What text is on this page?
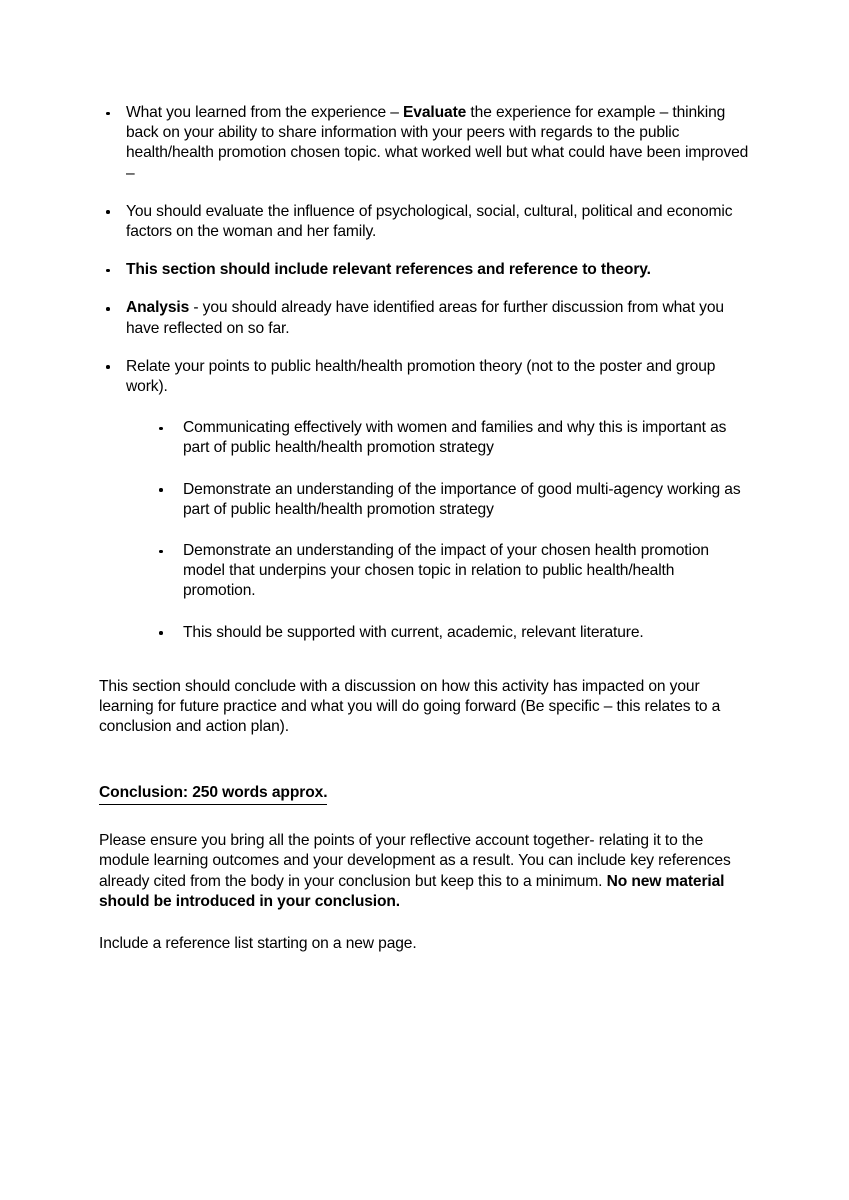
What you learned from the experience – Evaluate the experience for example – thinking back on your ability to share information with your peers with regards to the public health/health promotion chosen topic. what worked well but what could have been improved –
You should evaluate the influence of psychological, social, cultural, political and economic factors on the woman and her family.
This section should include relevant references and reference to theory.
Analysis - you should already have identified areas for further discussion from what you have reflected on so far.
Relate your points to public health/health promotion theory (not to the poster and group work).
Communicating effectively with women and families and why this is important as part of public health/health promotion strategy
Demonstrate an understanding of the importance of good multi-agency working as part of public health/health promotion strategy
Demonstrate an understanding of the impact of your chosen health promotion model that underpins your chosen topic in relation to public health/health promotion.
This should be supported with current, academic, relevant literature.

This section should conclude with a discussion on how this activity has impacted on your learning for future practice and what you will do going forward (Be specific – this relates to a conclusion and action plan).

Conclusion: 250 words approx.

Please ensure you bring all the points of your reflective account together- relating it to the module learning outcomes and your development as a result. You can include key references already cited from the body in your conclusion but keep this to a minimum. No new material should be introduced in your conclusion.

Include a reference list starting on a new page.
